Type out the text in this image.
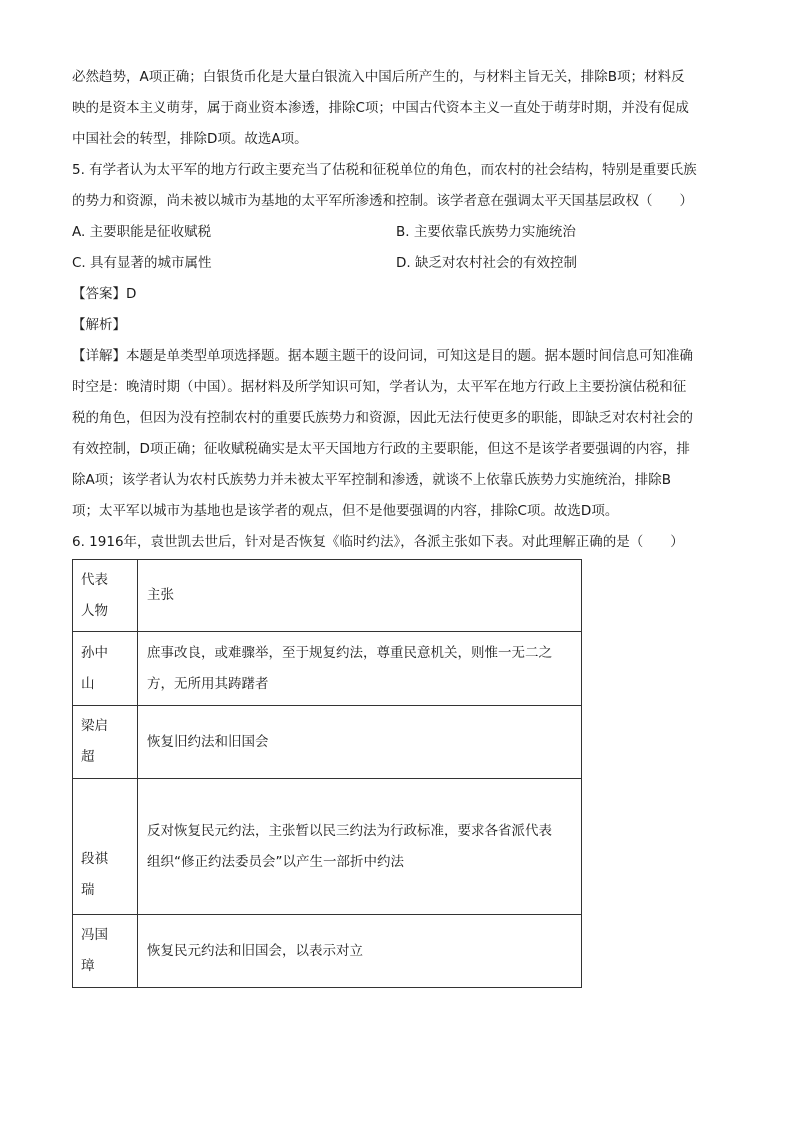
必然趋势，A项正确；白银货币化是大量白银流入中国后所产生的，与材料主旨无关，排除B项；材料反
映的是资本主义萌芽，属于商业资本渗透，排除C项；中国古代资本主义一直处于萌芽时期，并没有促成
中国社会的转型，排除D项。故选A项。
5. 有学者认为太平军的地方行政主要充当了估税和征税单位的角色，而农村的社会结构，特别是重要氏族
的势力和资源，尚未被以城市为基地的太平军所渗透和控制。该学者意在强调太平天国基层政权（　　）
A. 主要职能是征收赋税	B. 主要依靠氏族势力实施统治
C. 具有显著的城市属性	D. 缺乏对农村社会的有效控制
【答案】D
【解析】
【详解】本题是单类型单项选择题。据本题主题干的设问词，可知这是目的题。据本题时间信息可知准确
时空是：晚清时期（中国）。据材料及所学知识可知，学者认为，太平军在地方行政上主要扮演估税和征
税的角色，但因为没有控制农村的重要氏族势力和资源，因此无法行使更多的职能，即缺乏对农村社会的
有效控制，D项正确；征收赋税确实是太平天国地方行政的主要职能，但这不是该学者要强调的内容，排
除A项；该学者认为农村氏族势力并未被太平军控制和渗透，就谈不上依靠氏族势力实施统治，排除B
项；太平军以城市为基地也是该学者的观点，但不是他要强调的内容，排除C项。故选D项。
6. 1916年，袁世凯去世后，针对是否恢复《临时约法》，各派主张如下表。对此理解正确的是（　　）
代表
人物	主张

孙中
山	庶事改良，或难骤举，至于规复约法，尊重民意机关，则惟一无二之
方，无所用其踌躇者

梁启
超	恢复旧约法和旧国会

段祺
瑞	反对恢复民元约法，主张暂以民三约法为行政标准，要求各省派代表
组织“修正约法委员会”以产生一部折中约法

冯国
璋	恢复民元约法和旧国会，以表示对立
